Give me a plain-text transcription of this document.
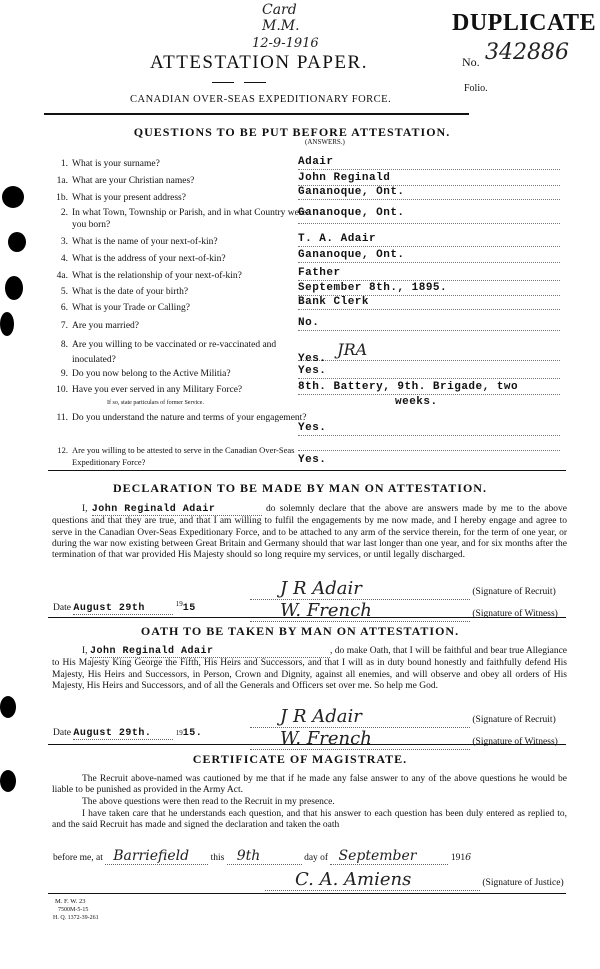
Card
M.M.
12-9-1916
DUPLICATE
ATTESTATION PAPER.	No. 342886
Folio.
CANADIAN OVER-SEAS EXPEDITIONARY FORCE.
QUESTIONS TO BE PUT BEFORE ATTESTATION.
(ANSWERS.)
1. What is your surname?	Adair
1a. What are your Christian names?	John Reginald
1b. What is your present address?	Gananoque, Ont.
2. In what Town, Township or Parish, and in what Country were you born?
Gananoque, Ont.
3. What is the name of your next-of-kin?	T. A. Adair
4. What is the address of your next-of-kin?	Gananoque, Ont.
4a. What is the relationship of your next-of-kin?	Father
5. What is the date of your birth?	September 8th., 1895.
6. What is your Trade or Calling?	Bank Clerk
7. Are you married?	No.
8. Are you willing to be vaccinated or re-vaccinated and inoculated?	Yes. JRA
9. Do you now belong to the Active Militia?	Yes.
10. Have you ever served in any Military Force?
If so, state particulars of former Service.
8th. Battery, 9th. Brigade, two
weeks.
11. Do you understand the nature and terms of your engagement?
Yes.
12. Are you willing to be attested to serve in the Canadian Over-Seas Expeditionary Force?	Yes.
DECLARATION TO BE MADE BY MAN ON ATTESTATION.
I, John Reginald Adair	do solemnly declare that the above are answers made by me to the above questions and that they are true, and that I am willing to fulfil the engagements by me now made, and I hereby engage and agree to serve in the Canadian Over-Seas Expeditionary Force, and to be attached to any arm of the service therein, for the term of one year, or during the war now existing between Great Britain and Germany should that war last longer than one year, and for six months after the termination of that war provided His Majesty should so long require my services, or until legally discharged.
J R Adair	(Signature of Recruit)
Date August 29th	$^{19}$15	W. French	(Signature of Witness)
OATH TO BE TAKEN BY MAN ON ATTESTATION.
I, John Reginald Adair	, do make Oath, that I will be faithful and bear true Allegiance to His Majesty King George the Fifth, His Heirs and Successors, and that I will as in duty bound honestly and faithfully defend His Majesty, His Heirs and Successors, in Person, Crown and Dignity, against all enemies, and will observe and obey all orders of His Majesty, His Heirs and Successors, and of all the Generals and Officers set over me. So help me God.
J R Adair	(Signature of Recruit)
Date August 29th.	1915.	W. French	(Signature of Witness)
CERTIFICATE OF MAGISTRATE.
The Recruit above-named was cautioned by me that if he made any false answer to any of the above questions he would be liable to be punished as provided in the Army Act.
The above questions were then read to the Recruit in my presence.
I have taken care that he understands each question, and that his answer to each question has been duly entered as replied to, and the said Recruit has made and signed the declaration and taken the oath
before me, at Barriefield this 9th	day of September	1916
C. A. Amiens	(Signature of Justice)
M. F. W. 23
7500M-5-15
H. Q. 1372-39-261
